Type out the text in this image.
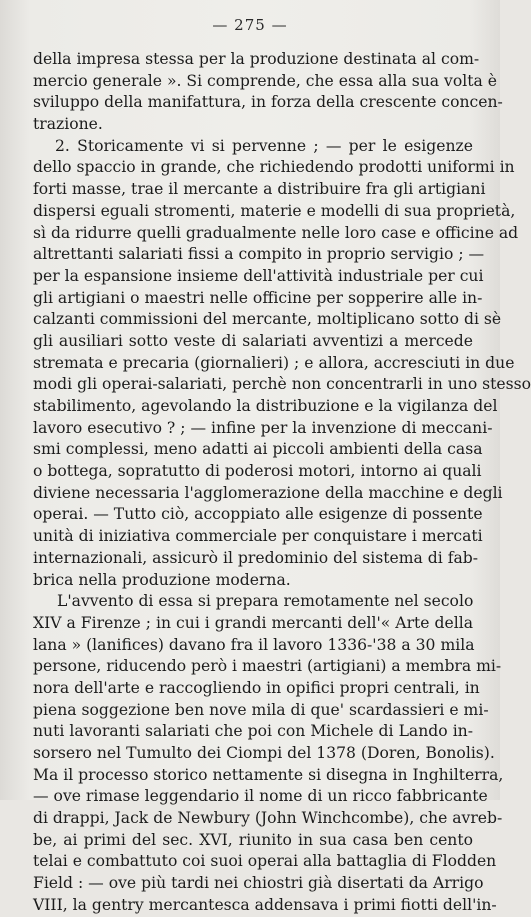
— 275 —
della impresa stessa per la produzione destinata al com-
mercio generale ». Si comprende, che essa alla sua volta è
sviluppo della manifattura, in forza della crescente concen-
trazione.
2. Storicamente vi si pervenne ; — per le esigenze
dello spaccio in grande, che richiedendo prodotti uniformi in
forti masse, trae il mercante a distribuire fra gli artigiani
dispersi eguali stromenti, materie e modelli di sua proprietà,
sì da ridurre quelli gradualmente nelle loro case e officine ad
altrettanti salariati fissi a compito in proprio servigio ; —
per la espansione insieme dell'attività industriale per cui
gli artigiani o maestri nelle officine per sopperire alle in-
calzanti commissioni del mercante, moltiplicano sotto di sè
gli ausiliari sotto veste di salariati avventizi a mercede
stremata e precaria (giornalieri) ; e allora, accresciuti in due
modi gli operai-salariati, perchè non concentrarli in uno stesso
stabilimento, agevolando la distribuzione e la vigilanza del
lavoro esecutivo ? ; — infine per la invenzione di meccani-
smi complessi, meno adatti ai piccoli ambienti della casa
o bottega, sopratutto di poderosi motori, intorno ai quali
diviene necessaria l'agglomerazione della macchine e degli
operai. — Tutto ciò, accoppiato alle esigenze di possente
unità di iniziativa commerciale per conquistare i mercati
internazionali, assicurò il predominio del sistema di fab-
brica nella produzione moderna.
L'avvento di essa si prepara remotamente nel secolo
XIV a Firenze ; in cui i grandi mercanti dell'« Arte della
lana » (lanifices) davano fra il lavoro 1336-'38 a 30 mila
persone, riducendo però i maestri (artigiani) a membra mi-
nora dell'arte e raccogliendo in opifici propri centrali, in
piena soggezione ben nove mila di que' scardassieri e mi-
nuti lavoranti salariati che poi con Michele di Lando in-
sorsero nel Tumulto dei Ciompi del 1378 (Doren, Bonolis).
Ma il processo storico nettamente si disegna in Inghilterra,
— ove rimase leggendario il nome di un ricco fabbricante
di drappi, Jack de Newbury (John Winchcombe), che avreb-
be, ai primi del sec. XVI, riunito in sua casa ben cento
telai e combattuto coi suoi operai alla battaglia di Flodden
Field : — ove più tardi nei chiostri già disertati da Arrigo
VIII, la gentry mercantesca addensava i primi fiotti dell'in-
